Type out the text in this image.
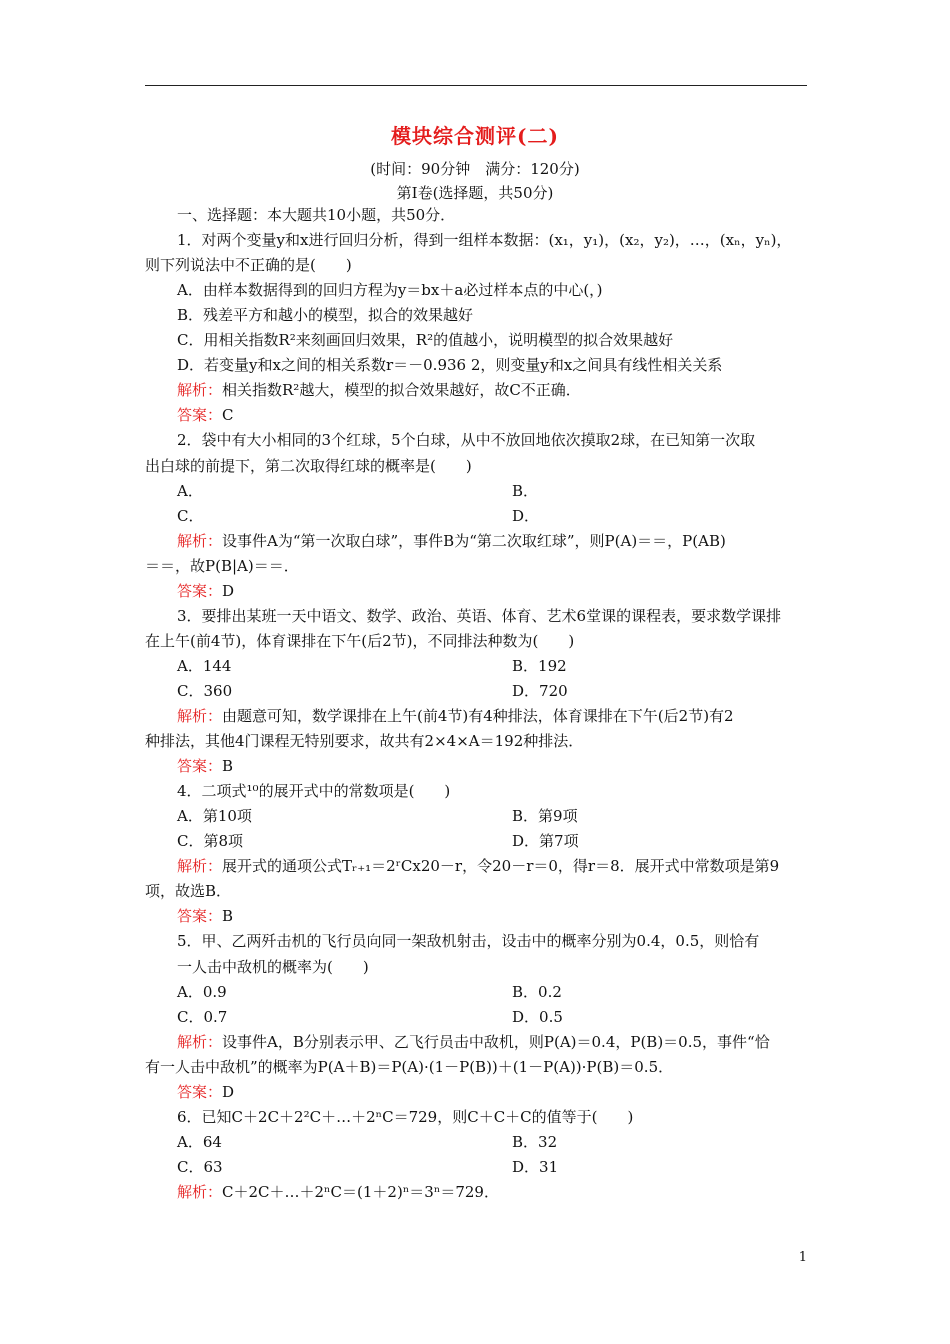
模块综合测评(二)
(时间：90分钟　满分：120分)
第Ⅰ卷(选择题，共50分)
一、选择题：本大题共10小题，共50分．
1．对两个变量y和x进行回归分析，得到一组样本数据：(x₁，y₁)，(x₂，y₂)，…，(xₙ，yₙ)，
则下列说法中不正确的是(　　)
A．由样本数据得到的回归方程为y＝bx＋a必过样本点的中心(，)
B．残差平方和越小的模型，拟合的效果越好
C．用相关指数R²来刻画回归效果，R²的值越小，说明模型的拟合效果越好
D．若变量y和x之间的相关系数r＝－0.936 2，则变量y和x之间具有线性相关关系
解析：相关指数R²越大，模型的拟合效果越好，故C不正确．
答案：C
2．袋中有大小相同的3个红球，5个白球，从中不放回地依次摸取2球，在已知第一次取
出白球的前提下，第二次取得红球的概率是(　　)
A．	B．
C．	D．
解析：设事件A为“第一次取白球”，事件B为“第二次取红球”，则P(A)＝＝，P(AB)
＝＝，故P(B|A)＝＝．
答案：D
3．要排出某班一天中语文、数学、政治、英语、体育、艺术6堂课的课程表，要求数学课排
在上午(前4节)，体育课排在下午(后2节)，不同排法种数为(　　)
A．144	B．192
C．360	D．720
解析：由题意可知，数学课排在上午(前4节)有4种排法，体育课排在下午(后2节)有2
种排法，其他4门课程无特别要求，故共有2×4×A＝192种排法．
答案：B
4．二项式¹⁰的展开式中的常数项是(　　)
A．第10项	B．第9项
C．第8项	D．第7项
解析：展开式的通项公式Tᵣ₊₁＝2ʳCx20－r，令20－r＝0，得r＝8．展开式中常数项是第9
项，故选B．
答案：B
5．甲、乙两歼击机的飞行员向同一架敌机射击，设击中的概率分别为0.4，0.5，则恰有
一人击中敌机的概率为(　　)
A．0.9	B．0.2
C．0.7	D．0.5
解析：设事件A，B分别表示甲、乙飞行员击中敌机，则P(A)＝0.4，P(B)＝0.5，事件“恰
有一人击中敌机”的概率为P(A＋B)＝P(A)·(1－P(B))＋(1－P(A))·P(B)＝0.5．
答案：D
6．已知C＋2C＋2²C＋…＋2ⁿC＝729，则C＋C＋C的值等于(　　)
A．64	B．32
C．63	D．31
解析：C＋2C＋…＋2ⁿC＝(1＋2)ⁿ＝3ⁿ＝729．
1
